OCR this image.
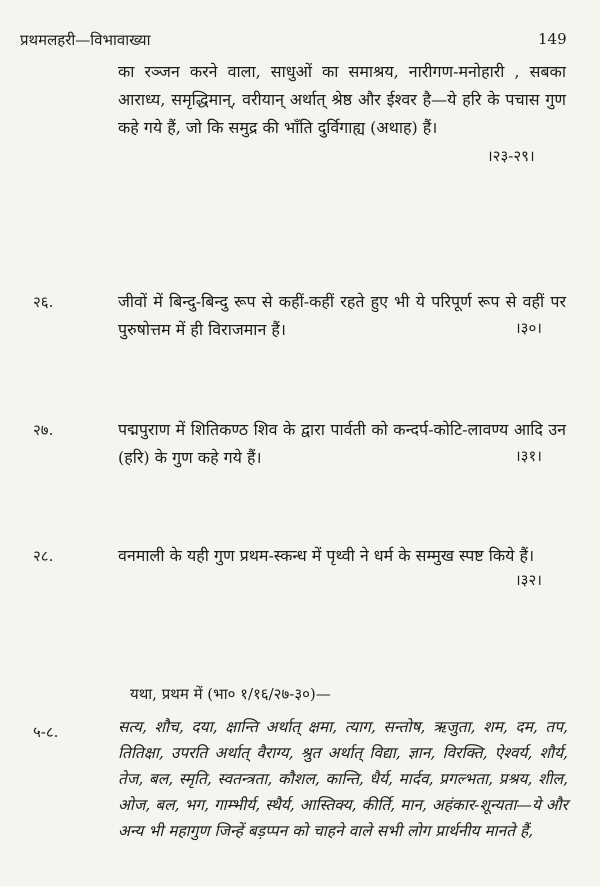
प्रथमलहरी—विभावाख्या	149
का रञ्जन करने वाला, साधुओं का समाश्रय, नारीगण-मनोहारी , सबका आराध्य, समृद्धिमान्, वरीयान् अर्थात् श्रेष्ठ और ईश्वर है—ये हरि के पचास गुण कहे गये हैं, जो कि समुद्र की भाँति दुर्विगाह्य (अथाह) हैं।
।२३-२९।
२६.	जीवों में बिन्दु-बिन्दु रूप से कहीं-कहीं रहते हुए भी ये परिपूर्ण रूप से वहीं पर पुरुषोत्तम में ही विराजमान हैं।	।३०।
२७.	पद्मपुराण में शितिकण्ठ शिव के द्वारा पार्वती को कन्दर्प-कोटि-लावण्य आदि उन (हरि) के गुण कहे गये हैं।	।३१।
२८.	वनमाली के यही गुण प्रथम-स्कन्ध में पृथ्वी ने धर्म के सम्मुख स्पष्ट किये हैं।
।३२।
यथा, प्रथम में (भा० १/१६/२७-३०)—
५-८.	सत्य, शौच, दया, क्षान्ति अर्थात् क्षमा, त्याग, सन्तोष, ऋजुता, शम, दम, तप, तितिक्षा, उपरति अर्थात् वैराग्य, श्रुत अर्थात् विद्या, ज्ञान, विरक्ति, ऐश्वर्य, शौर्य, तेज, बल, स्मृति, स्वतन्त्रता, कौशल, कान्ति, धैर्य, मार्दव, प्रगल्भता, प्रश्रय, शील, ओज, बल, भग, गाम्भीर्य, स्थैर्य, आस्तिक्य, कीर्ति, मान, अहंकार-शून्यता—ये और अन्य भी महागुण जिन्हें बड़प्पन को चाहने वाले सभी लोग प्रार्थनीय मानते हैं,
